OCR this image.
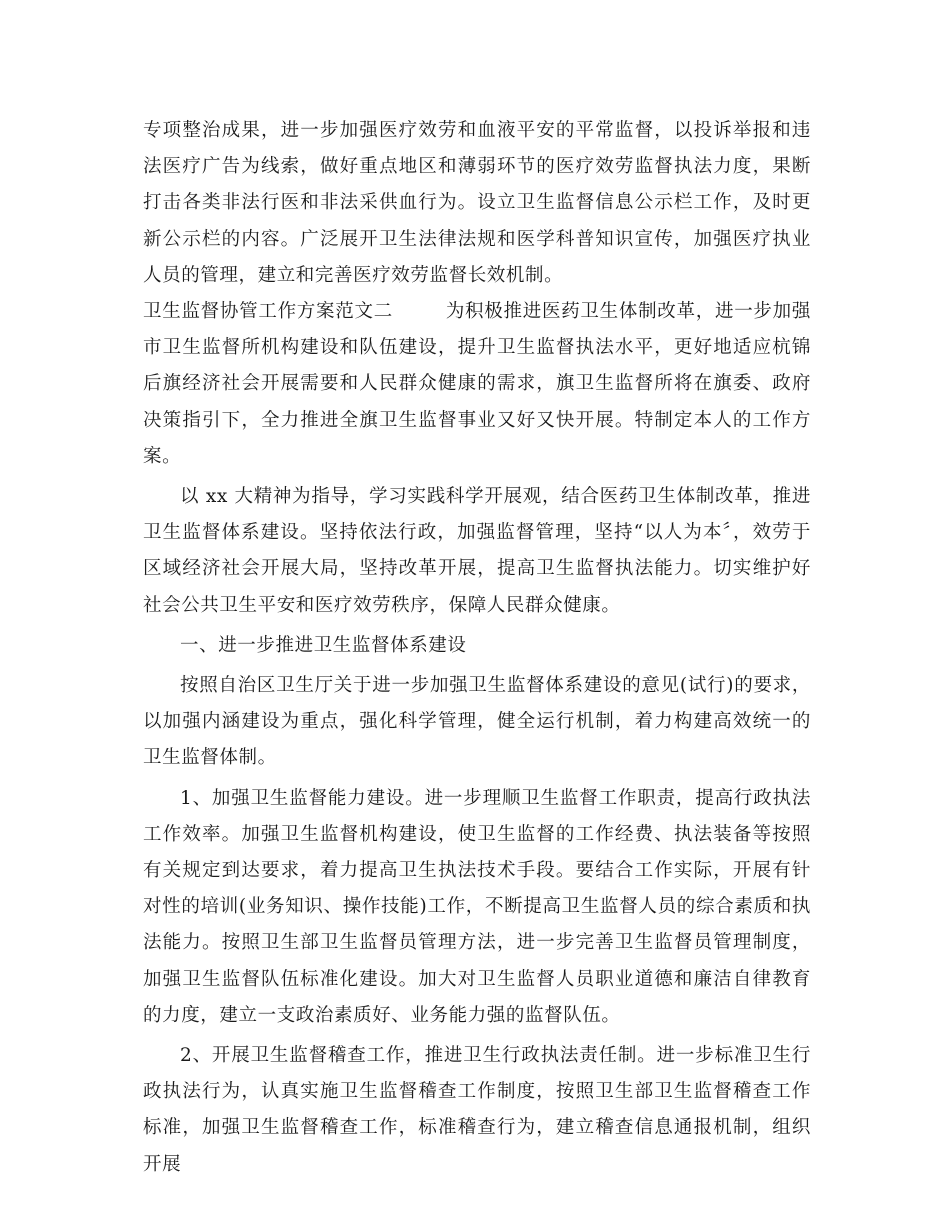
专项整治成果，进一步加强医疗效劳和血液平安的平常监督，以投诉举报和违法医疗广告为线索，做好重点地区和薄弱环节的医疗效劳监督执法力度，果断打击各类非法行医和非法采供血行为。设立卫生监督信息公示栏工作，及时更新公示栏的内容。广泛展开卫生法律法规和医学科普知识宣传，加强医疗执业人员的管理，建立和完善医疗效劳监督长效机制。

卫生监督协管工作方案范文二	为积极推进医药卫生体制改革，进一步加强市卫生监督所机构建设和队伍建设，提升卫生监督执法水平，更好地适应杭锦后旗经济社会开展需要和人民群众健康的需求，旗卫生监督所将在旗委、政府决策指引下，全力推进全旗卫生监督事业又好又快开展。特制定本人的工作方案。

以 xx 大精神为指导，学习实践科学开展观，结合医药卫生体制改革，推进卫生监督体系建设。坚持依法行政，加强监督管理，坚持“以人为本〞，效劳于区域经济社会开展大局，坚持改革开展，提高卫生监督执法能力。切实维护好社会公共卫生平安和医疗效劳秩序，保障人民群众健康。

一、进一步推进卫生监督体系建设

按照自治区卫生厅关于进一步加强卫生监督体系建设的意见(试行)的要求，以加强内涵建设为重点，强化科学管理，健全运行机制，着力构建高效统一的卫生监督体制。

1、加强卫生监督能力建设。进一步理顺卫生监督工作职责，提高行政执法工作效率。加强卫生监督机构建设，使卫生监督的工作经费、执法装备等按照有关规定到达要求，着力提高卫生执法技术手段。要结合工作实际，开展有针对性的培训(业务知识、操作技能)工作，不断提高卫生监督人员的综合素质和执法能力。按照卫生部卫生监督员管理方法，进一步完善卫生监督员管理制度，加强卫生监督队伍标准化建设。加大对卫生监督人员职业道德和廉洁自律教育的力度，建立一支政治素质好、业务能力强的监督队伍。

2、开展卫生监督稽查工作，推进卫生行政执法责任制。进一步标准卫生行政执法行为，认真实施卫生监督稽查工作制度，按照卫生部卫生监督稽查工作标准，加强卫生监督稽查工作，标准稽查行为，建立稽查信息通报机制，组织开展
